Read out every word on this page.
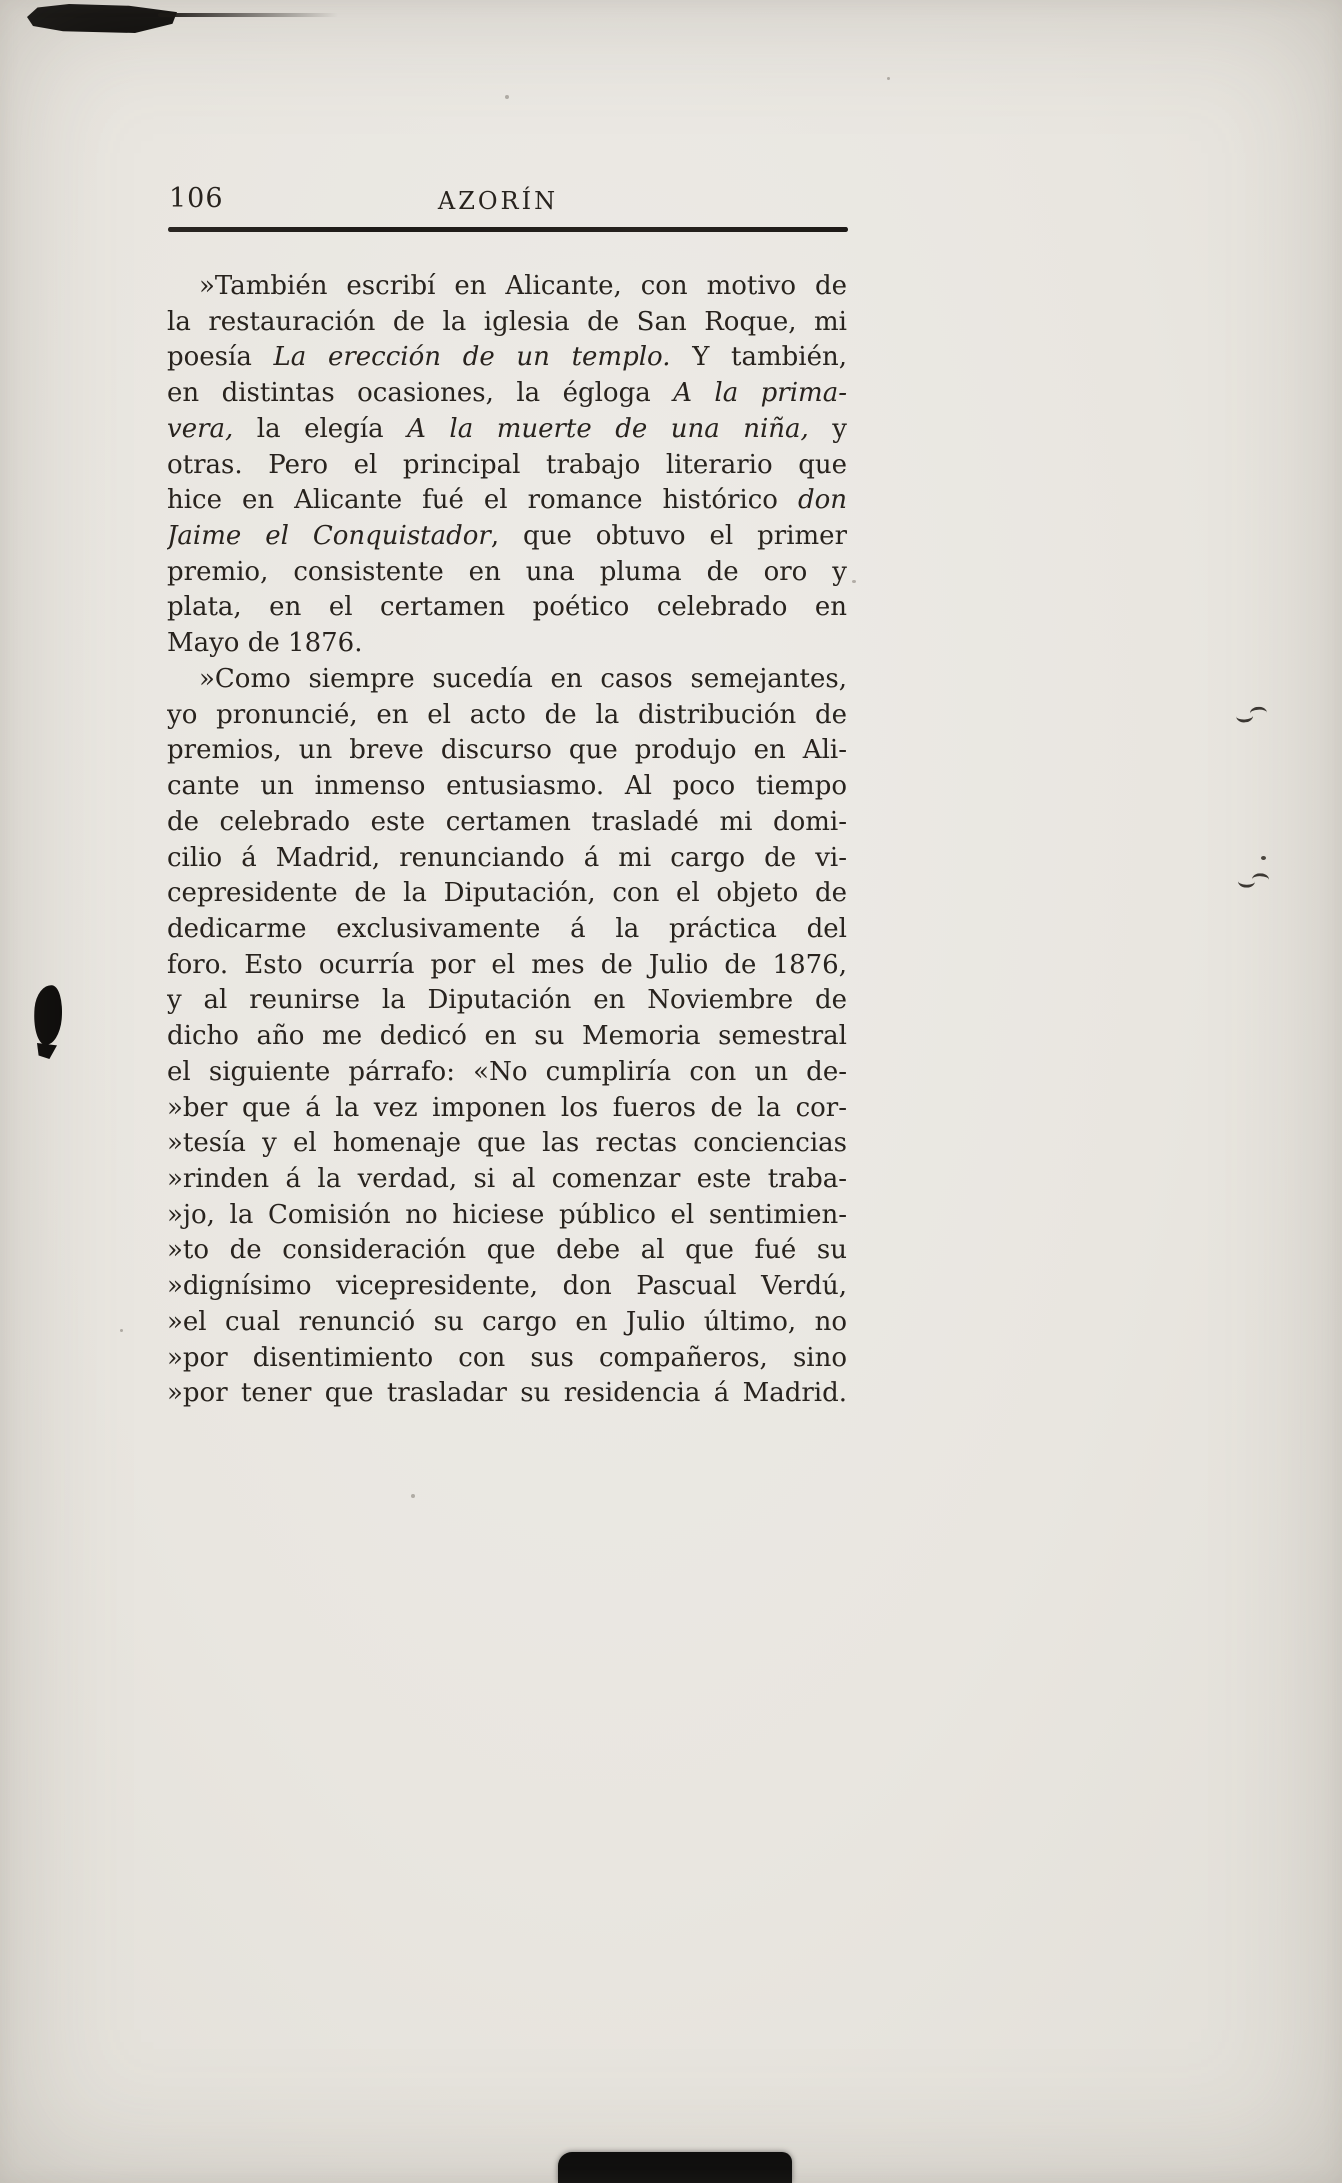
106	AZORÍN
»También escribí en Alicante, con motivo de
la restauración de la iglesia de San Roque, mi
poesía La erección de un templo. Y también,
en distintas ocasiones, la égloga A la prima-
vera, la elegía A la muerte de una niña, y
otras. Pero el principal trabajo literario que
hice en Alicante fué el romance histórico don
Jaime el Conquistador, que obtuvo el primer
premio, consistente en una pluma de oro y
plata, en el certamen poético celebrado en
Mayo de 1876.
»Como siempre sucedía en casos semejantes,
yo pronuncié, en el acto de la distribución de
premios, un breve discurso que produjo en Ali-
cante un inmenso entusiasmo. Al poco tiempo
de celebrado este certamen trasladé mi domi-
cilio á Madrid, renunciando á mi cargo de vi-
cepresidente de la Diputación, con el objeto de
dedicarme exclusivamente á la práctica del
foro. Esto ocurría por el mes de Julio de 1876,
y al reunirse la Diputación en Noviembre de
dicho año me dedicó en su Memoria semestral
el siguiente párrafo: «No cumpliría con un de-
»ber que á la vez imponen los fueros de la cor-
»tesía y el homenaje que las rectas conciencias
»rinden á la verdad, si al comenzar este traba-
»jo, la Comisión no hiciese público el sentimien-
»to de consideración que debe al que fué su
»dignísimo vicepresidente, don Pascual Verdú,
»el cual renunció su cargo en Julio último, no
»por disentimiento con sus compañeros, sino
»por tener que trasladar su residencia á Madrid.
